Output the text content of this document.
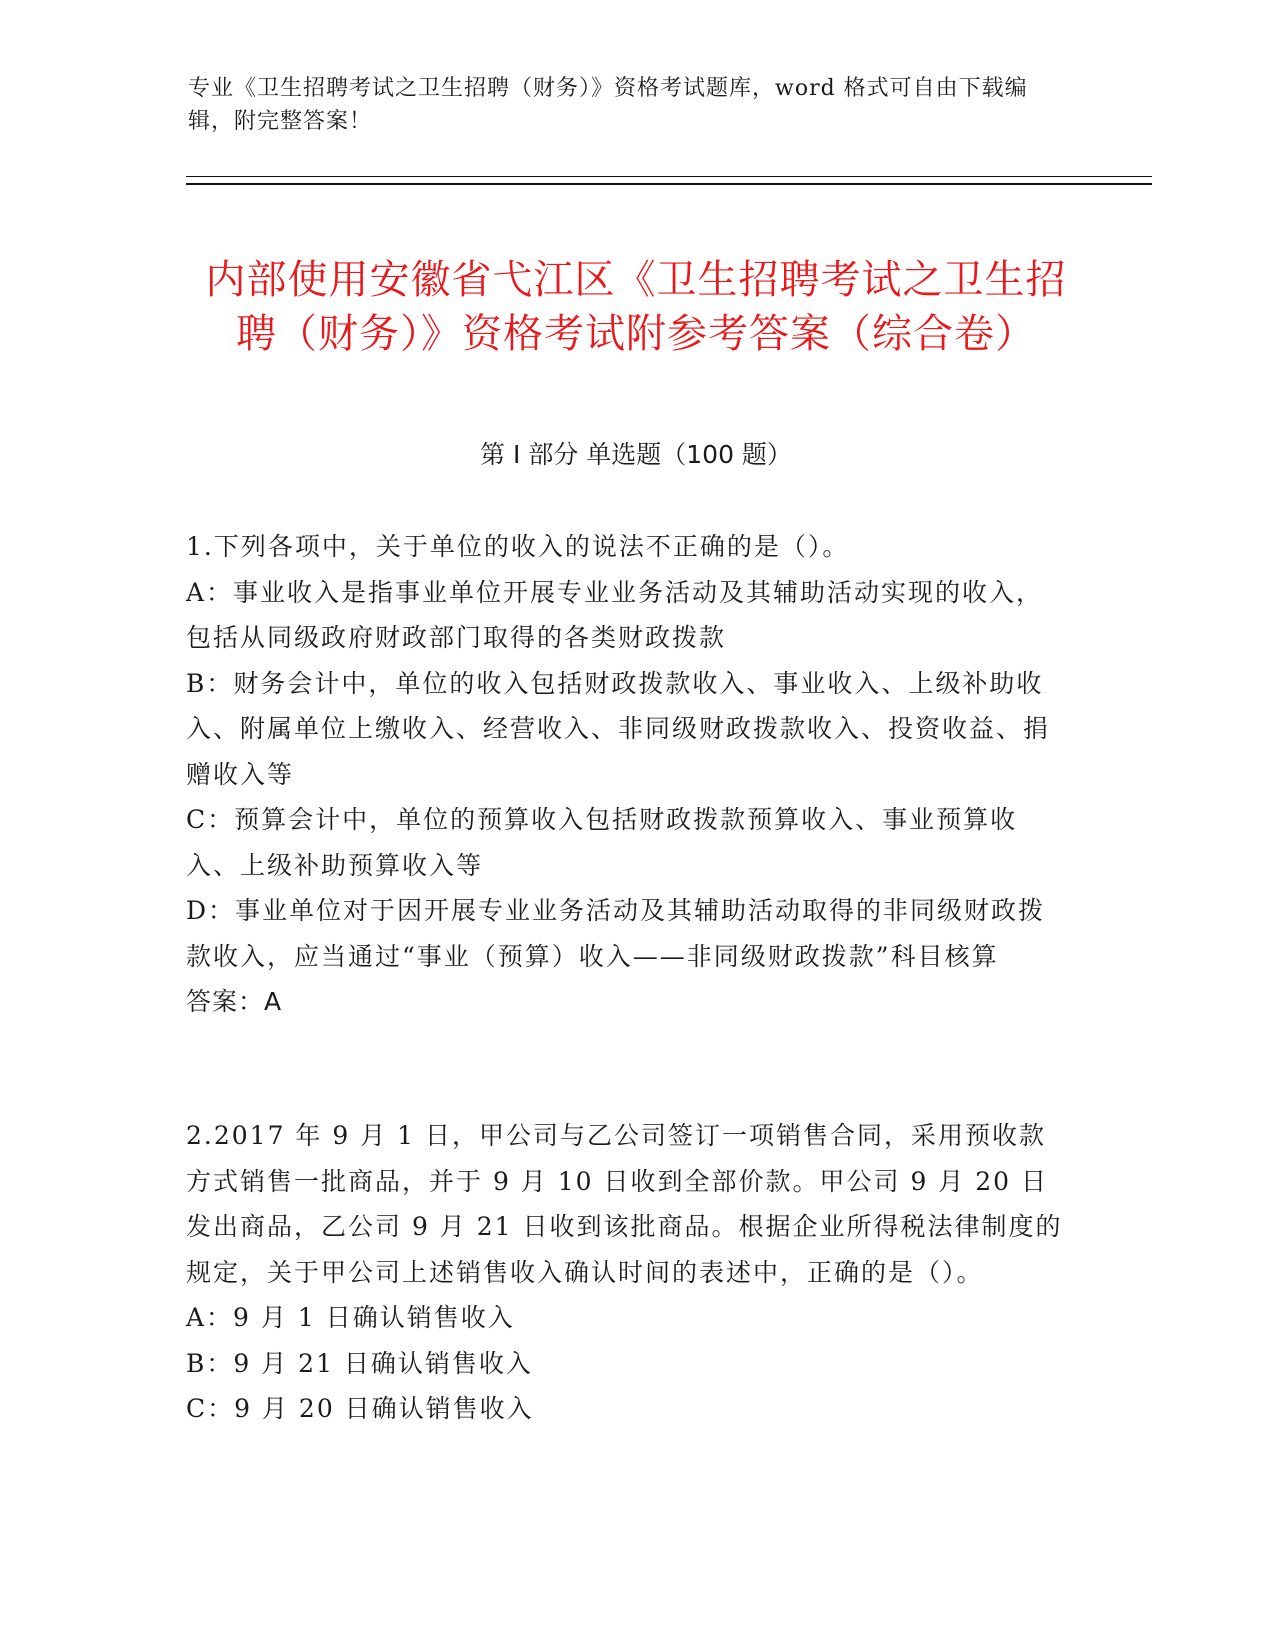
专业《卫生招聘考试之卫生招聘（财务）》资格考试题库，word 格式可自由下载编辑，附完整答案！
内部使用安徽省弋江区《卫生招聘考试之卫生招聘（财务）》资格考试附参考答案（综合卷）
第 I 部分 单选题（100 题）
1.下列各项中，关于单位的收入的说法不正确的是（）。
A：事业收入是指事业单位开展专业业务活动及其辅助活动实现的收入，包括从同级政府财政部门取得的各类财政拨款
B：财务会计中，单位的收入包括财政拨款收入、事业收入、上级补助收入、附属单位上缴收入、经营收入、非同级财政拨款收入、投资收益、捐赠收入等
C：预算会计中，单位的预算收入包括财政拨款预算收入、事业预算收入、上级补助预算收入等
D：事业单位对于因开展专业业务活动及其辅助活动取得的非同级财政拨款收入，应当通过“事业（预算）收入——非同级财政拨款”科目核算
答案：A
2.2017 年 9 月 1 日，甲公司与乙公司签订一项销售合同，采用预收款方式销售一批商品，并于 9 月 10 日收到全部价款。甲公司 9 月 20 日发出商品，乙公司 9 月 21 日收到该批商品。根据企业所得税法律制度的规定，关于甲公司上述销售收入确认时间的表述中，正确的是（）。
A：9 月 1 日确认销售收入
B：9 月 21 日确认销售收入
C：9 月 20 日确认销售收入
